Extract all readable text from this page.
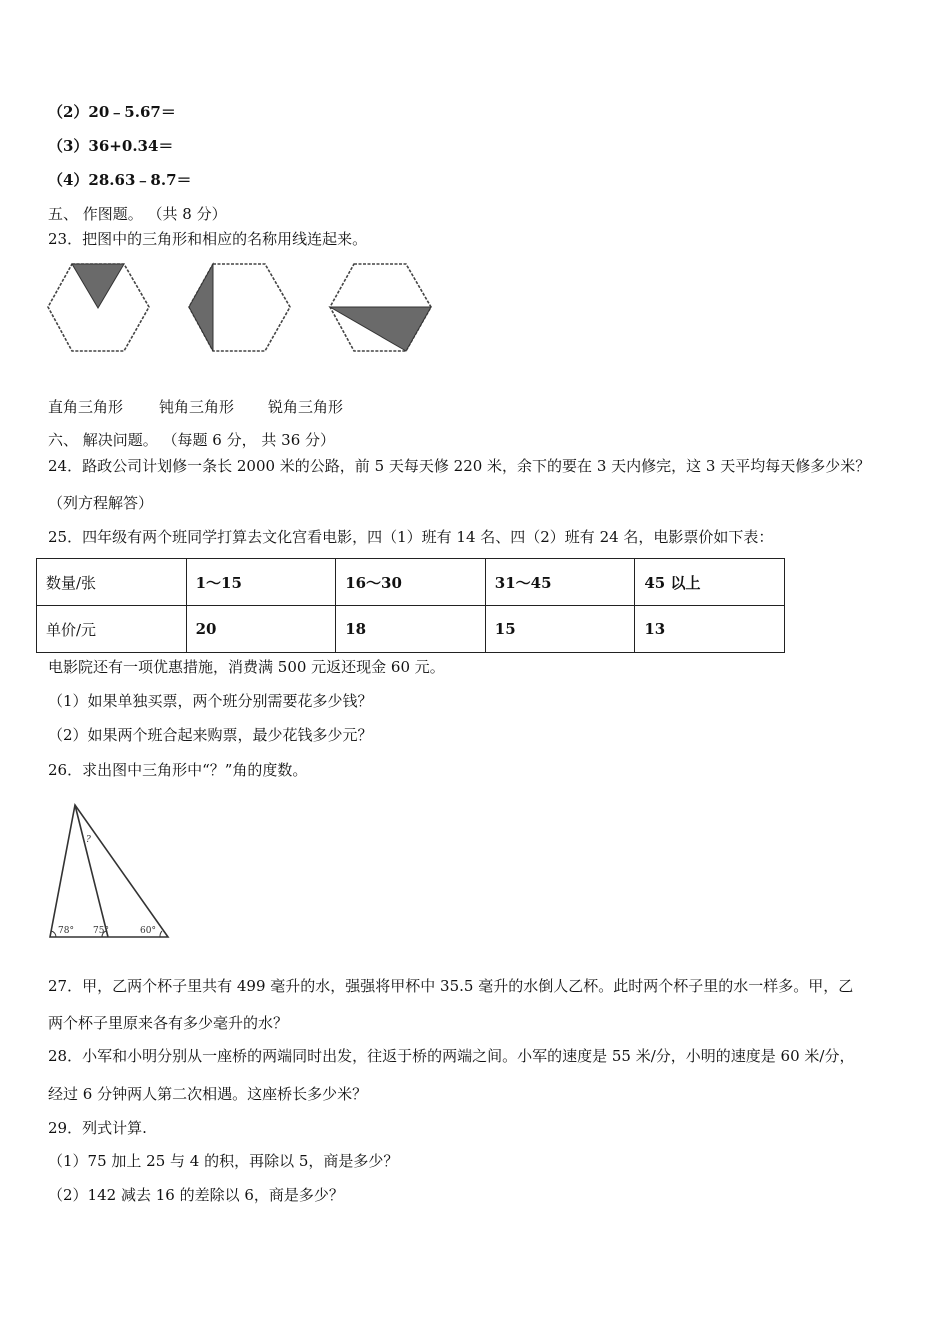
（2）20﹣5.67＝
（3）36+0.34＝
（4）28.63﹣8.7＝
五、 作图题。 （共 8 分）
23．把图中的三角形和相应的名称用线连起来。
直角三角形 钝角三角形 锐角三角形
六、 解决问题。 （每题 6 分， 共 36 分）
24．路政公司计划修一条长 2000 米的公路，前 5 天每天修 220 米，余下的要在 3 天内修完，这 3 天平均每天修多少米？
（列方程解答）
25．四年级有两个班同学打算去文化宫看电影，四（1）班有 14 名、四（2）班有 24 名，电影票价如下表：
数量/张	1～15	16～30	31～45	45 以上
单价/元	20	18	15	13
电影院还有一项优惠措施，消费满 500 元返还现金 60 元。
（1）如果单独买票，两个班分别需要花多少钱？
（2）如果两个班合起来购票，最少花钱多少元？
26．求出图中三角形中“？”角的度数。
?
78° 75°	60°
27．甲，乙两个杯子里共有 499 毫升的水，强强将甲杯中 35.5 毫升的水倒人乙杯。此时两个杯子里的水一样多。甲，乙
两个杯子里原来各有多少毫升的水？
28．小军和小明分别从一座桥的两端同时出发，往返于桥的两端之间。小军的速度是 55 米/分，小明的速度是 60 米/分，
经过 6 分钟两人第二次相遇。这座桥长多少米？
29．列式计算.
（1）75 加上 25 与 4 的积，再除以 5，商是多少？
（2）142 减去 16 的差除以 6，商是多少？
